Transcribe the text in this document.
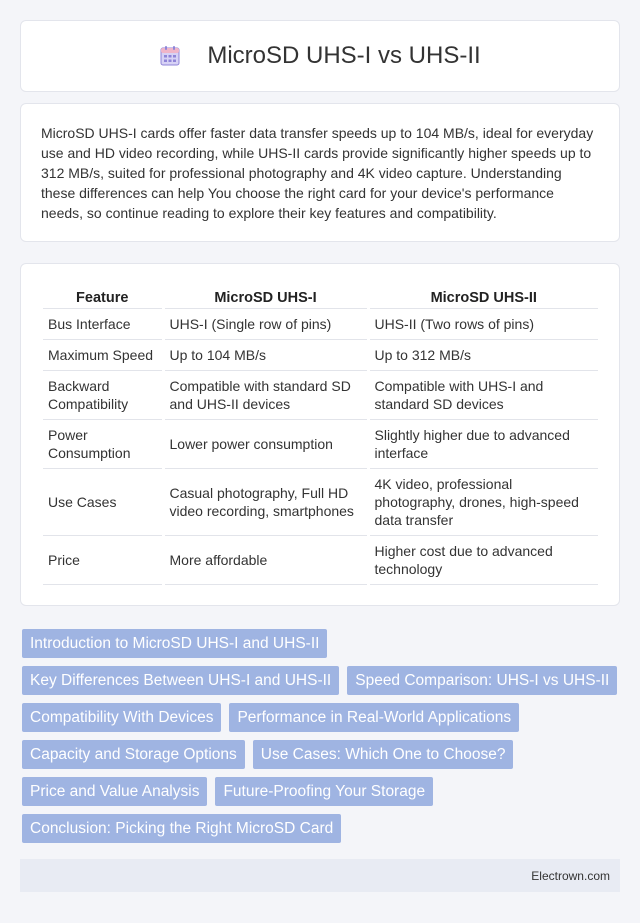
MicroSD UHS-I vs UHS-II

MicroSD UHS-I cards offer faster data transfer speeds up to 104 MB/s, ideal for everyday use and HD video recording, while UHS-II cards provide significantly higher speeds up to 312 MB/s, suited for professional photography and 4K video capture. Understanding these differences can help You choose the right card for your device's performance needs, so continue reading to explore their key features and compatibility.

Feature	MicroSD UHS-I	MicroSD UHS-II
Bus Interface	UHS-I (Single row of pins)	UHS-II (Two rows of pins)
Maximum Speed	Up to 104 MB/s	Up to 312 MB/s
Backward Compatibility	Compatible with standard SD and UHS-II devices	Compatible with UHS-I and standard SD devices
Power Consumption	Lower power consumption	Slightly higher due to advanced interface
Use Cases	Casual photography, Full HD video recording, smartphones	4K video, professional photography, drones, high-speed data transfer
Price	More affordable	Higher cost due to advanced technology
Introduction to MicroSD UHS-I and UHS-II
Key Differences Between UHS-I and UHS-II	Speed Comparison: UHS-I vs UHS-II
Compatibility With Devices	Performance in Real-World Applications
Capacity and Storage Options	Use Cases: Which One to Choose?
Price and Value Analysis	Future-Proofing Your Storage
Conclusion: Picking the Right MicroSD Card
Electrown.com
